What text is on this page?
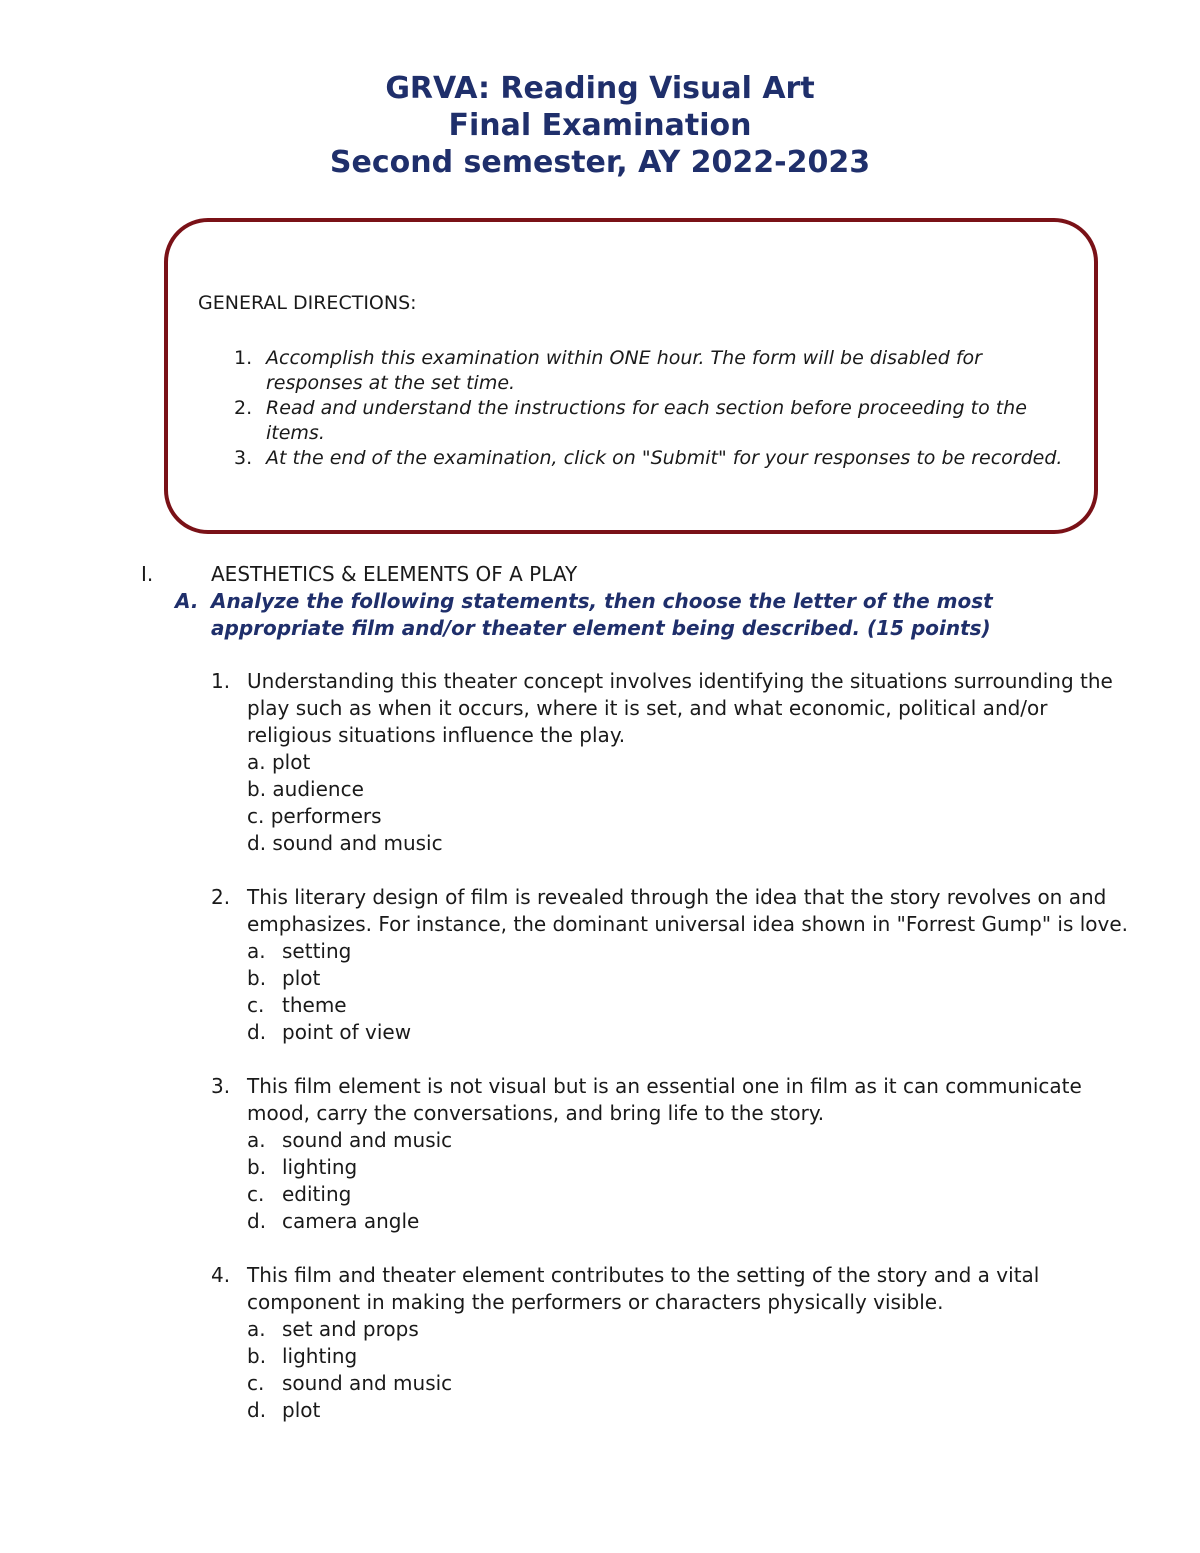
GRVA: Reading Visual Art
Final Examination
Second semester, AY 2022-2023
GENERAL DIRECTIONS:
1. Accomplish this examination within ONE hour. The form will be disabled for responses at the set time.
2. Read and understand the instructions for each section before proceeding to the items.
3. At the end of the examination, click on "Submit" for your responses to be recorded.
I.	AESTHETICS & ELEMENTS OF A PLAY
A. Analyze the following statements, then choose the letter of the most appropriate film and/or theater element being described. (15 points)
1. Understanding this theater concept involves identifying the situations surrounding the play such as when it occurs, where it is set, and what economic, political and/or religious situations influence the play.
a. plot
b. audience
c. performers
d. sound and music
2. This literary design of film is revealed through the idea that the story revolves on and emphasizes. For instance, the dominant universal idea shown in "Forrest Gump" is love.
a. setting
b. plot
c. theme
d. point of view
3. This film element is not visual but is an essential one in film as it can communicate mood, carry the conversations, and bring life to the story.
a. sound and music
b. lighting
c. editing
d. camera angle
4. This film and theater element contributes to the setting of the story and a vital component in making the performers or characters physically visible.
a. set and props
b. lighting
c. sound and music
d. plot
